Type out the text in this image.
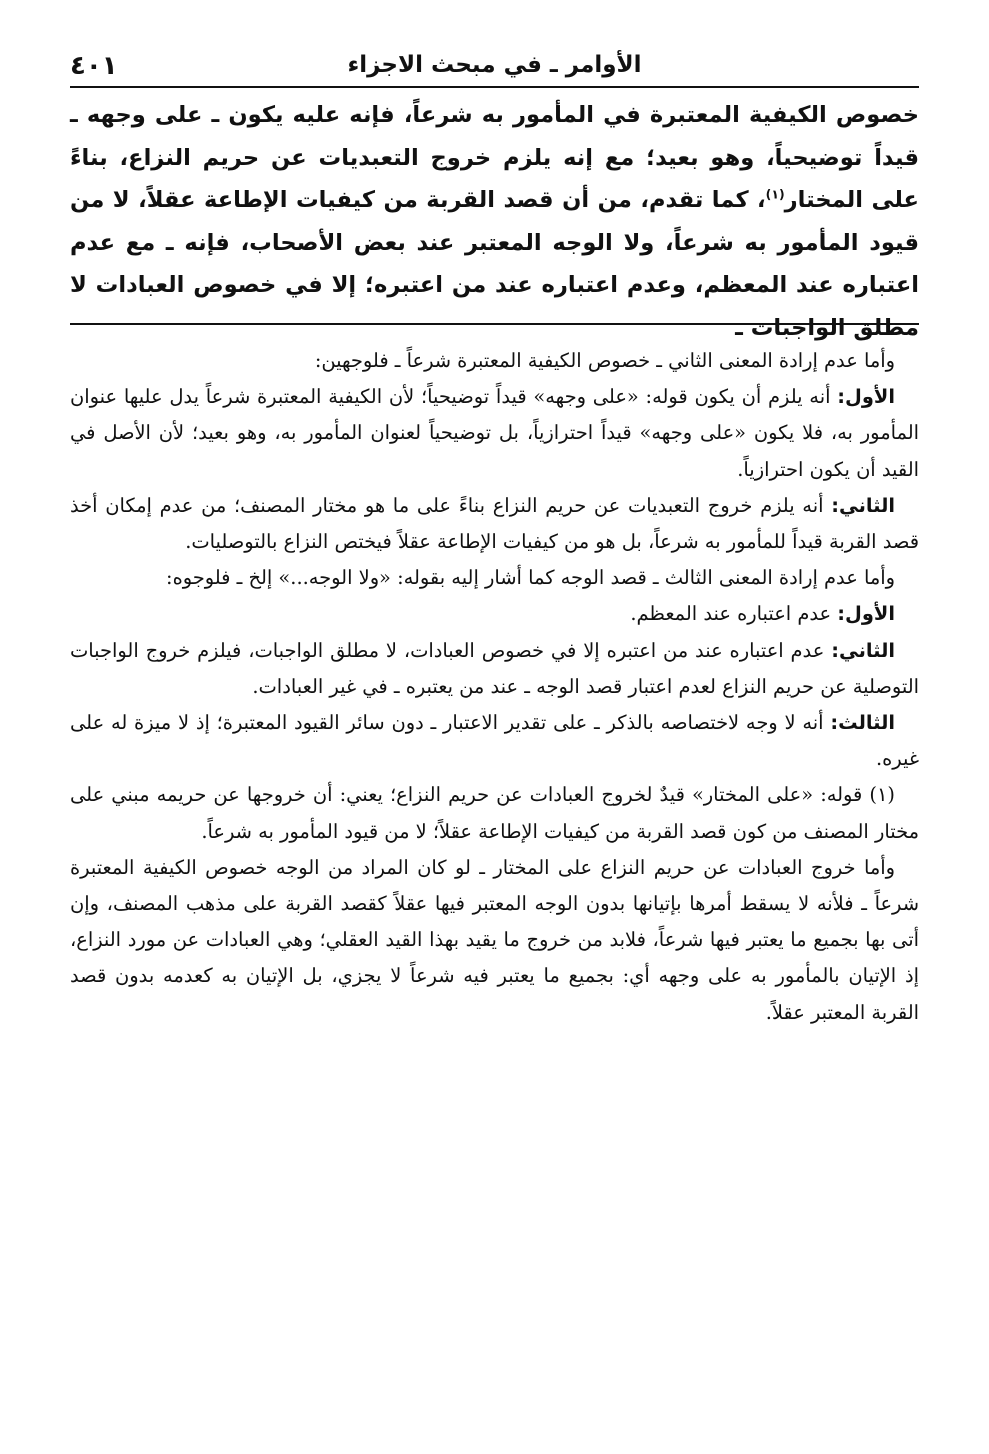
الأوامر ـ في مبحث الاجزاء
٤٠١

خصوص الكيفية المعتبرة في المأمور به شرعاً، فإنه عليه يكون ـ على وجهه ـ قيداً توضيحياً، وهو بعيد؛ مع إنه يلزم خروج التعبديات عن حريم النزاع، بناءً على المختار$^{(١)}$، كما تقدم، من أن قصد القربة من كيفيات الإطاعة عقلاً، لا من قيود المأمور به شرعاً، ولا الوجه المعتبر عند بعض الأصحاب، فإنه ـ مع عدم اعتباره عند المعظم، وعدم اعتباره عند من اعتبره؛ إلا في خصوص العبادات لا مطلق الواجبات ـ

وأما عدم إرادة المعنى الثاني ـ خصوص الكيفية المعتبرة شرعاً ـ فلوجهين:

الأول: أنه يلزم أن يكون قوله: «على وجهه» قيداً توضيحياً؛ لأن الكيفية المعتبرة شرعاً يدل عليها عنوان المأمور به، فلا يكون «على وجهه» قيداً احترازياً، بل توضيحياً لعنوان المأمور به، وهو بعيد؛ لأن الأصل في القيد أن يكون احترازياً.

الثاني: أنه يلزم خروج التعبديات عن حريم النزاع بناءً على ما هو مختار المصنف؛ من عدم إمكان أخذ قصد القربة قيداً للمأمور به شرعاً، بل هو من كيفيات الإطاعة عقلاً فيختص النزاع بالتوصليات.

وأما عدم إرادة المعنى الثالث ـ قصد الوجه كما أشار إليه بقوله: «ولا الوجه...» إلخ ـ فلوجوه:

الأول: عدم اعتباره عند المعظم.

الثاني: عدم اعتباره عند من اعتبره إلا في خصوص العبادات، لا مطلق الواجبات، فيلزم خروج الواجبات التوصلية عن حريم النزاع لعدم اعتبار قصد الوجه ـ عند من يعتبره ـ في غير العبادات.

الثالث: أنه لا وجه لاختصاصه بالذكر ـ على تقدير الاعتبار ـ دون سائر القيود المعتبرة؛ إذ لا ميزة له على غيره.

(١) قوله: «على المختار» قيدٌ لخروج العبادات عن حريم النزاع؛ يعني: أن خروجها عن حريمه مبني على مختار المصنف من كون قصد القربة من كيفيات الإطاعة عقلاً؛ لا من قيود المأمور به شرعاً.

وأما خروج العبادات عن حريم النزاع على المختار ـ لو كان المراد من الوجه خصوص الكيفية المعتبرة شرعاً ـ فلأنه لا يسقط أمرها بإتيانها بدون الوجه المعتبر فيها عقلاً كقصد القربة على مذهب المصنف، وإن أتى بها بجميع ما يعتبر فيها شرعاً، فلابد من خروج ما يقيد بهذا القيد العقلي؛ وهي العبادات عن مورد النزاع، إذ الإتيان بالمأمور به على وجهه أي: بجميع ما يعتبر فيه شرعاً لا يجزي، بل الإتيان به كعدمه بدون قصد القربة المعتبر عقلاً.
